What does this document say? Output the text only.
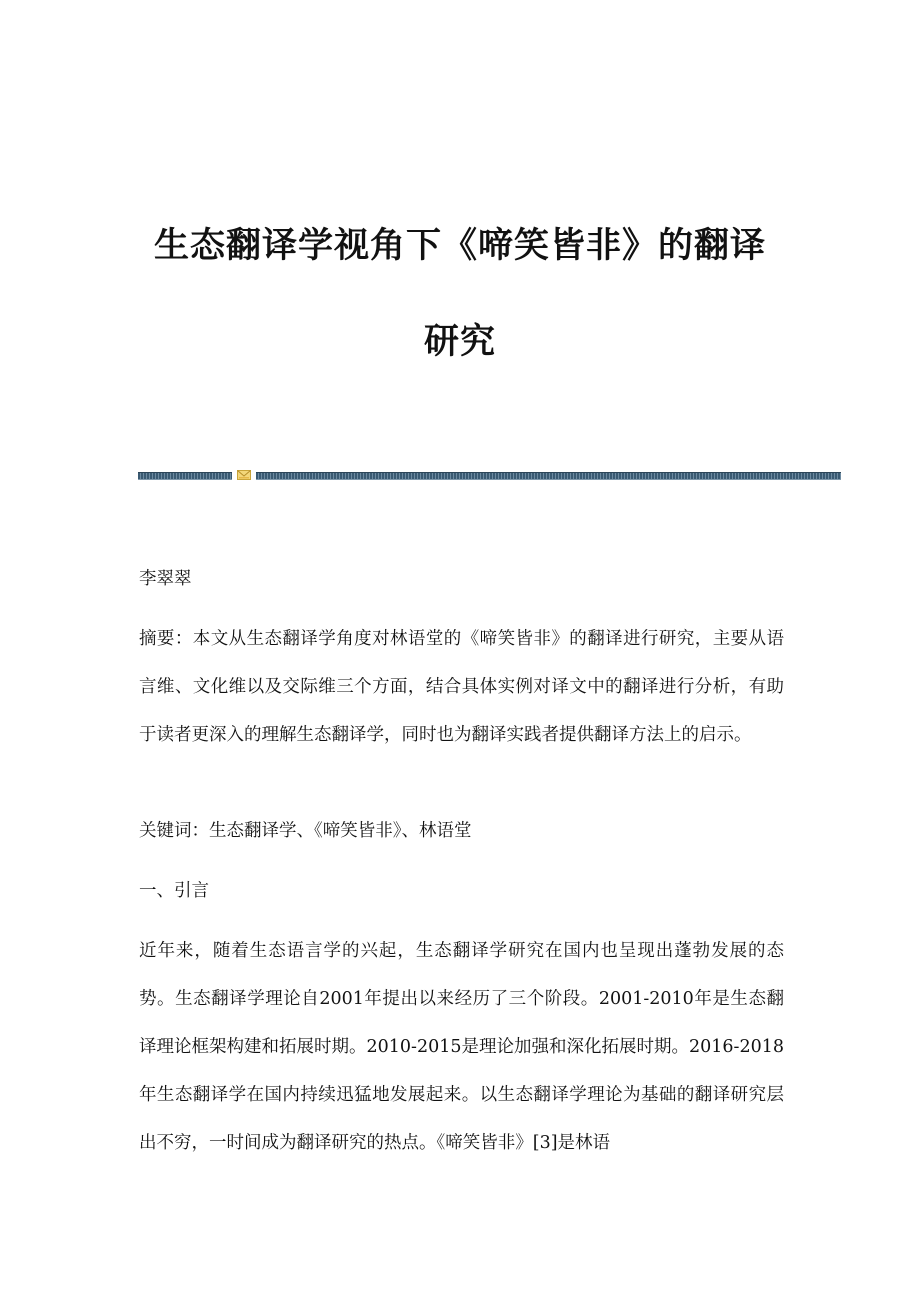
生态翻译学视角下《啼笑皆非》的翻译
研究
李翠翠
摘要：本文从生态翻译学角度对林语堂的《啼笑皆非》的翻译进行研究，主要从语言维、文化维以及交际维三个方面，结合具体实例对译文中的翻译进行分析，有助于读者更深入的理解生态翻译学，同时也为翻译实践者提供翻译方法上的启示。
关键词：生态翻译学、《啼笑皆非》、林语堂
一、引言
近年来，随着生态语言学的兴起，生态翻译学研究在国内也呈现出蓬勃发展的态势。生态翻译学理论自2001年提出以来经历了三个阶段。2001-2010年是生态翻译理论框架构建和拓展时期。2010-2015是理论加强和深化拓展时期。2016-2018年生态翻译学在国内持续迅猛地发展起来。以生态翻译学理论为基础的翻译研究层出不穷，一时间成为翻译研究的热点。《啼笑皆非》[3]是林语
